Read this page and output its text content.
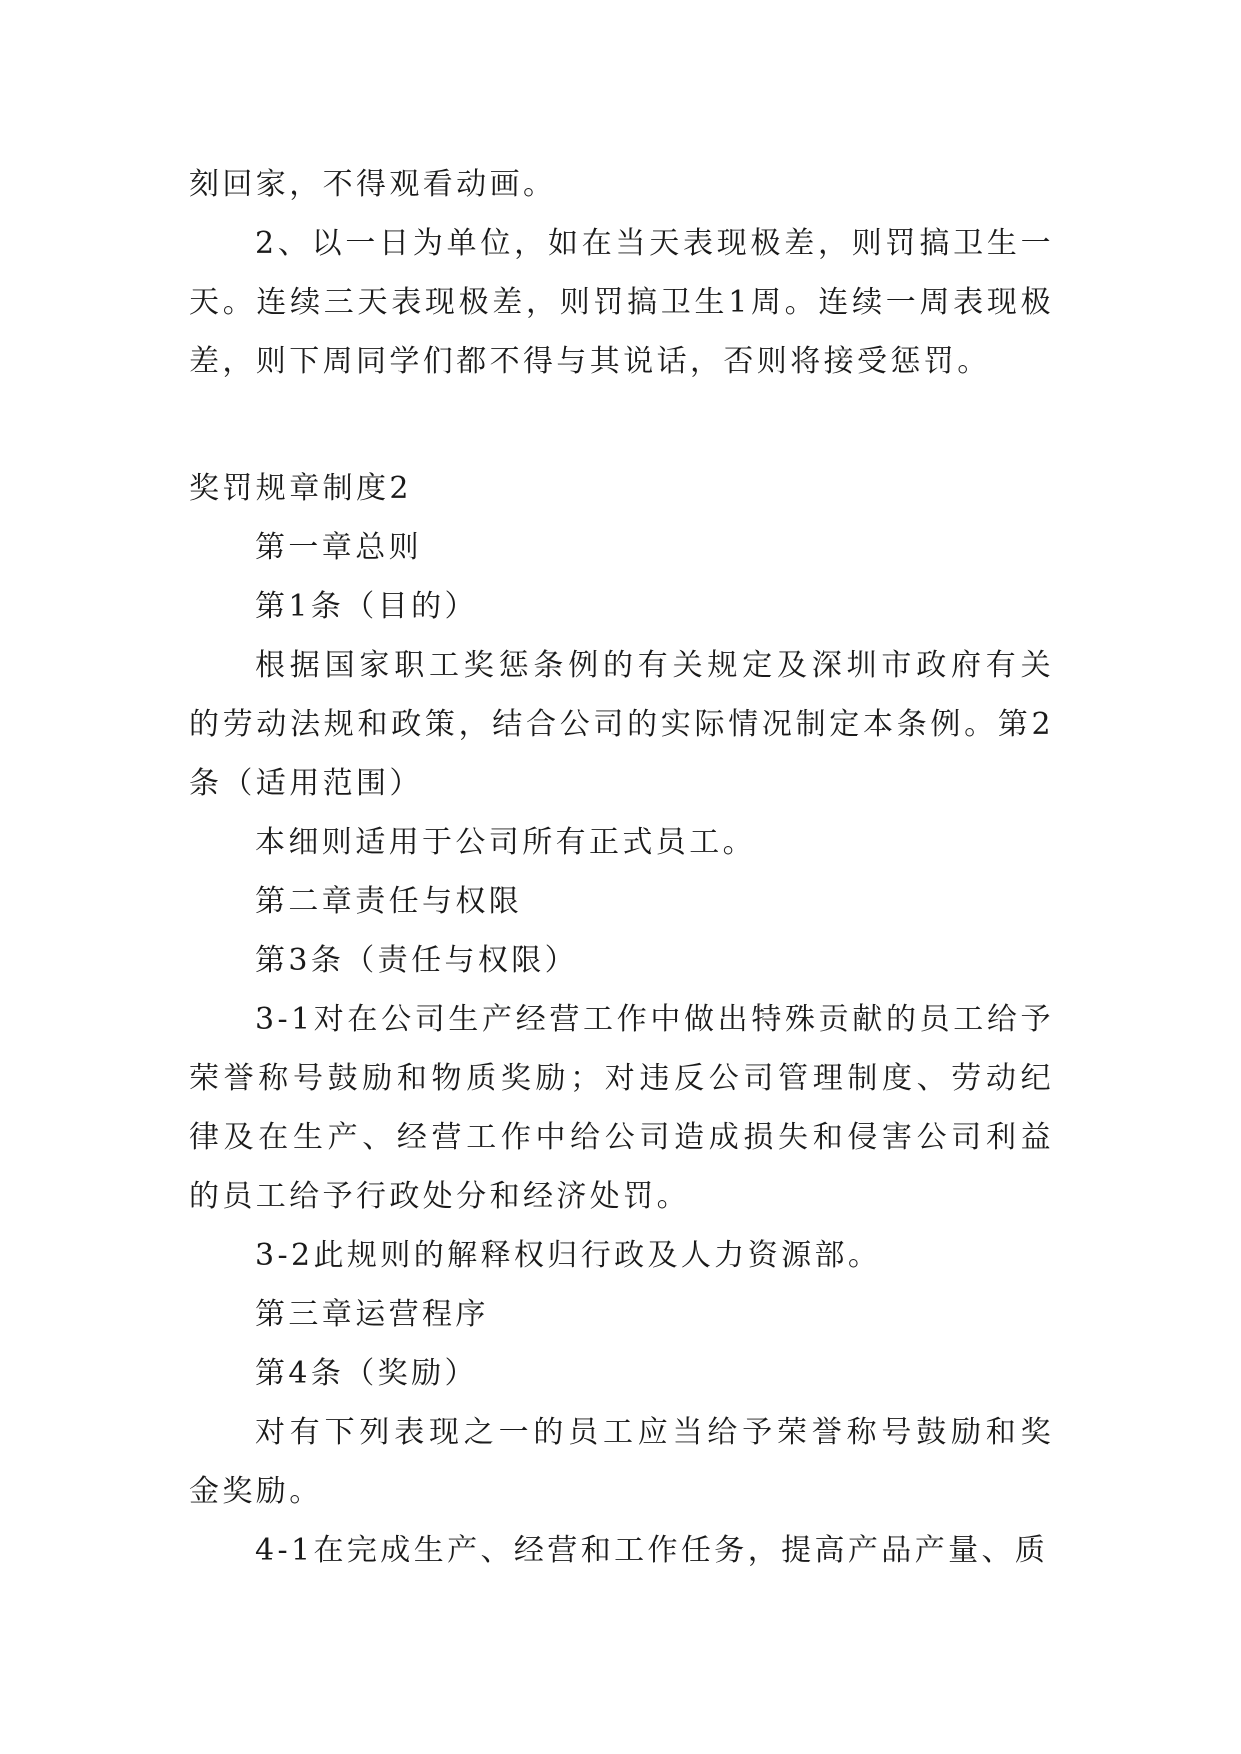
刻回家，不得观看动画。

2、以一日为单位，如在当天表现极差，则罚搞卫生一天。连续三天表现极差，则罚搞卫生1周。连续一周表现极差，则下周同学们都不得与其说话，否则将接受惩罚。

奖罚规章制度2

第一章总则

第1条（目的）

根据国家职工奖惩条例的有关规定及深圳市政府有关的劳动法规和政策，结合公司的实际情况制定本条例。第2条（适用范围）

本细则适用于公司所有正式员工。

第二章责任与权限

第3条（责任与权限）

3-1对在公司生产经营工作中做出特殊贡献的员工给予荣誉称号鼓励和物质奖励；对违反公司管理制度、劳动纪律及在生产、经营工作中给公司造成损失和侵害公司利益的员工给予行政处分和经济处罚。

3-2此规则的解释权归行政及人力资源部。

第三章运营程序

第4条（奖励）

对有下列表现之一的员工应当给予荣誉称号鼓励和奖金奖励。

4-1在完成生产、经营和工作任务，提高产品产量、质
